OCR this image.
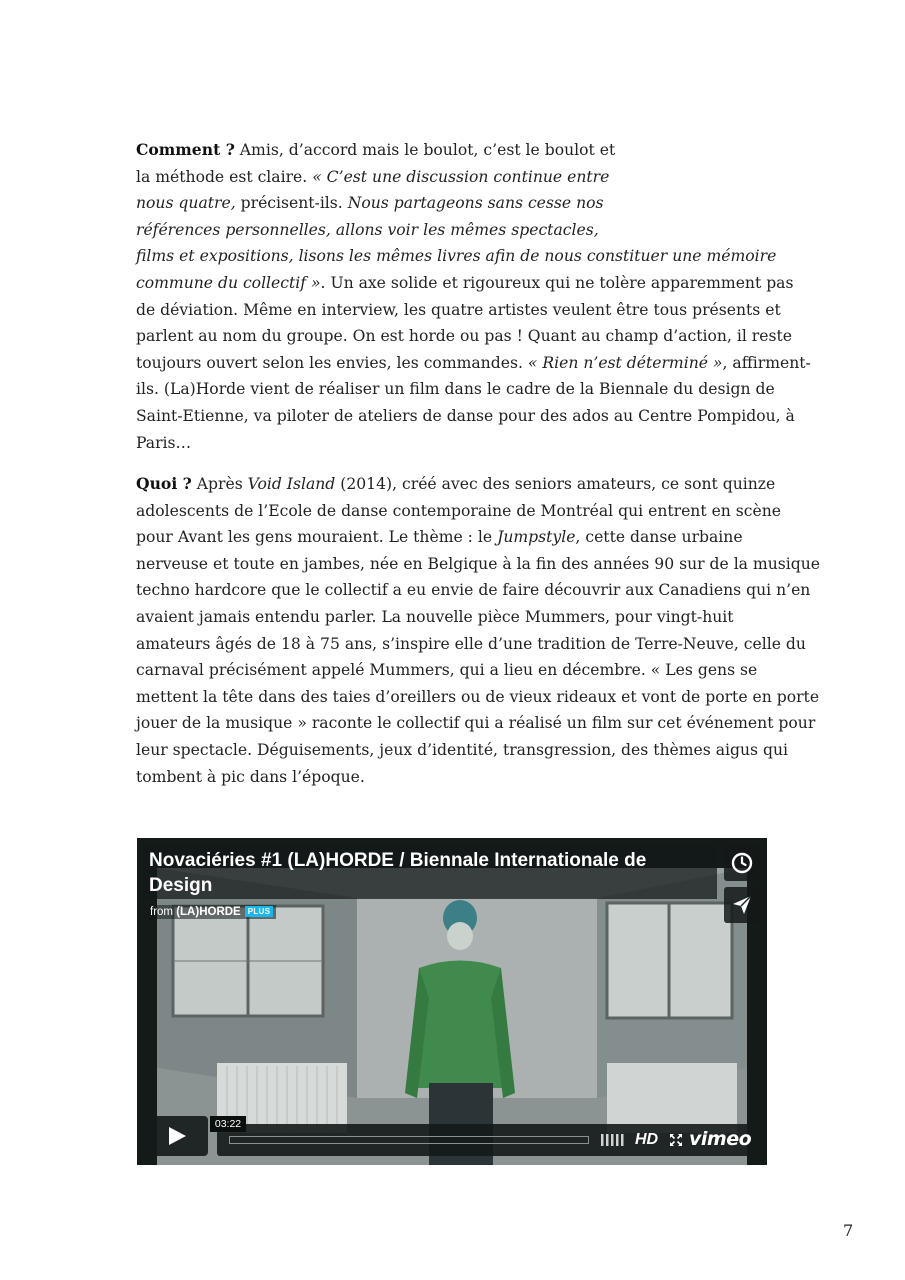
Comment ? Amis, d’accord mais le boulot, c’est le boulot et
la méthode est claire. « C’est une discussion continue entre
nous quatre, précisent-ils. Nous partageons sans cesse nos
références personnelles, allons voir les mêmes spectacles,
films et expositions, lisons les mêmes livres afin de nous constituer une mémoire
commune du collectif ». Un axe solide et rigoureux qui ne tolère apparemment pas
de déviation. Même en interview, les quatre artistes veulent être tous présents et
parlent au nom du groupe. On est horde ou pas ! Quant au champ d’action, il reste
toujours ouvert selon les envies, les commandes. « Rien n’est déterminé », affirment-
ils. (La)Horde vient de réaliser un film dans le cadre de la Biennale du design de
Saint-Etienne, va piloter de ateliers de danse pour des ados au Centre Pompidou, à
Paris…

Quoi ? Après Void Island (2014), créé avec des seniors amateurs, ce sont quinze
adolescents de l’Ecole de danse contemporaine de Montréal qui entrent en scène
pour Avant les gens mouraient. Le thème : le Jumpstyle, cette danse urbaine
nerveuse et toute en jambes, née en Belgique à la fin des années 90 sur de la musique
techno hardcore que le collectif a eu envie de faire découvrir aux Canadiens qui n’en
avaient jamais entendu parler. La nouvelle pièce Mummers, pour vingt-huit
amateurs âgés de 18 à 75 ans, s’inspire elle d’une tradition de Terre-Neuve, celle du
carnaval précisément appelé Mummers, qui a lieu en décembre. « Les gens se
mettent la tête dans des taies d’oreillers ou de vieux rideaux et vont de porte en porte
jouer de la musique » raconte le collectif qui a réalisé un film sur cet événement pour
leur spectacle. Déguisements, jeux d’identité, transgression, des thèmes aigus qui
tombent à pic dans l’époque.

Novaciéries #1 (LA)HORDE / Biennale Internationale de Design
from (LA)HORDE PLUS
HD vimeo
03:22
7
